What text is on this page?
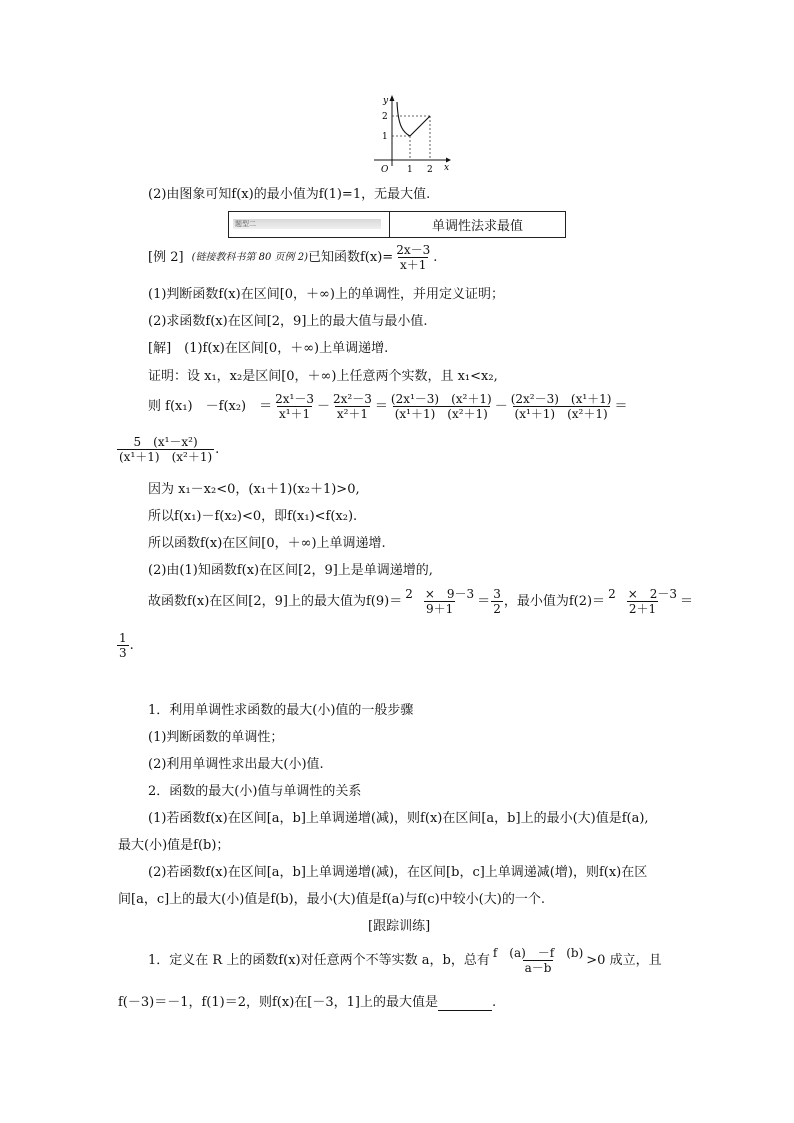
y
2
1
O 1 2 x
(2)由图象可知f(x)的最小值为f(1)=1，无最大值.
题型二	单调性法求最值
[例 2] (链接教科书第 80 页例 2) 已知函数$f(x)= \frac{2x-3}{x+1}$ .
(1)判断函数f(x)在区间[0，＋∞)上的单调性，并用定义证明；
(2)求函数f(x)在区间[2，9]上的最大值与最小值.
[解]　(1)f(x)在区间[0，＋∞)上单调递增.
证明：设 x₁，x₂是区间[0，＋∞)上任意两个实数，且 x₁<x₂,
则 f(x₁)　－f(x₂)　＝ $\frac{\text{2x¹－3}}{\text{x¹＋1}} - \frac{\text{2x²－3}}{\text{x²＋1}} = \frac{\text{(2x¹－3)　(x²＋1)}}{\text{(x¹＋1)　(x²＋1)}} - \frac{\text{(2x²－3)　(x¹＋1)}}{\text{(x¹＋1)　(x²＋1)}}$ ＝
$\frac{\text{5　(x¹－x²)}}{\text{(x¹＋1)　(x²＋1)}}$ .
因为 x₁－x₂<0，(x₁＋1)(x₂＋1)>0,
所以f(x₁)－f(x₂)<0，即f(x₁)<f(x₂).
所以函数f(x)在区间[0，＋∞)上单调递增.
(2)由(1)知函数f(x)在区间[2，9]上是单调递增的,
故函数f(x)在区间[2，9]上的最大值为$f(9)= \frac{2 \times 9-3}{9+1} = \frac{3}{2}$ ，最小值为$f(2)= \frac{2 \times 2-3}{2+1}$ ＝
$\frac{1}{3}$ .
1．利用单调性求函数的最大(小)值的一般步骤
(1)判断函数的单调性；
(2)利用单调性求出最大(小)值.
2．函数的最大(小)值与单调性的关系
(1)若函数f(x)在区间[a，b]上单调递增(减)，则f(x)在区间[a，b]上的最小(大)值是f(a),
最大(小)值是f(b)；
(2)若函数f(x)在区间[a，b]上单调递增(减)，在区间[b，c]上单调递减(增)，则f(x)在区
间[a，c]上的最大(小)值是f(b)，最小(大)值是f(a)与f(c)中较小(大)的一个.
[跟踪训练]
1．定义在 R 上的函数f(x)对任意两个不等实数 a，b，总有 $\frac{f (a) -f (b)}{a-b} >0$ 成立，且
f(－3)＝－1，f(1)＝2，则f(x)在[－3，1]上的最大值是	.
